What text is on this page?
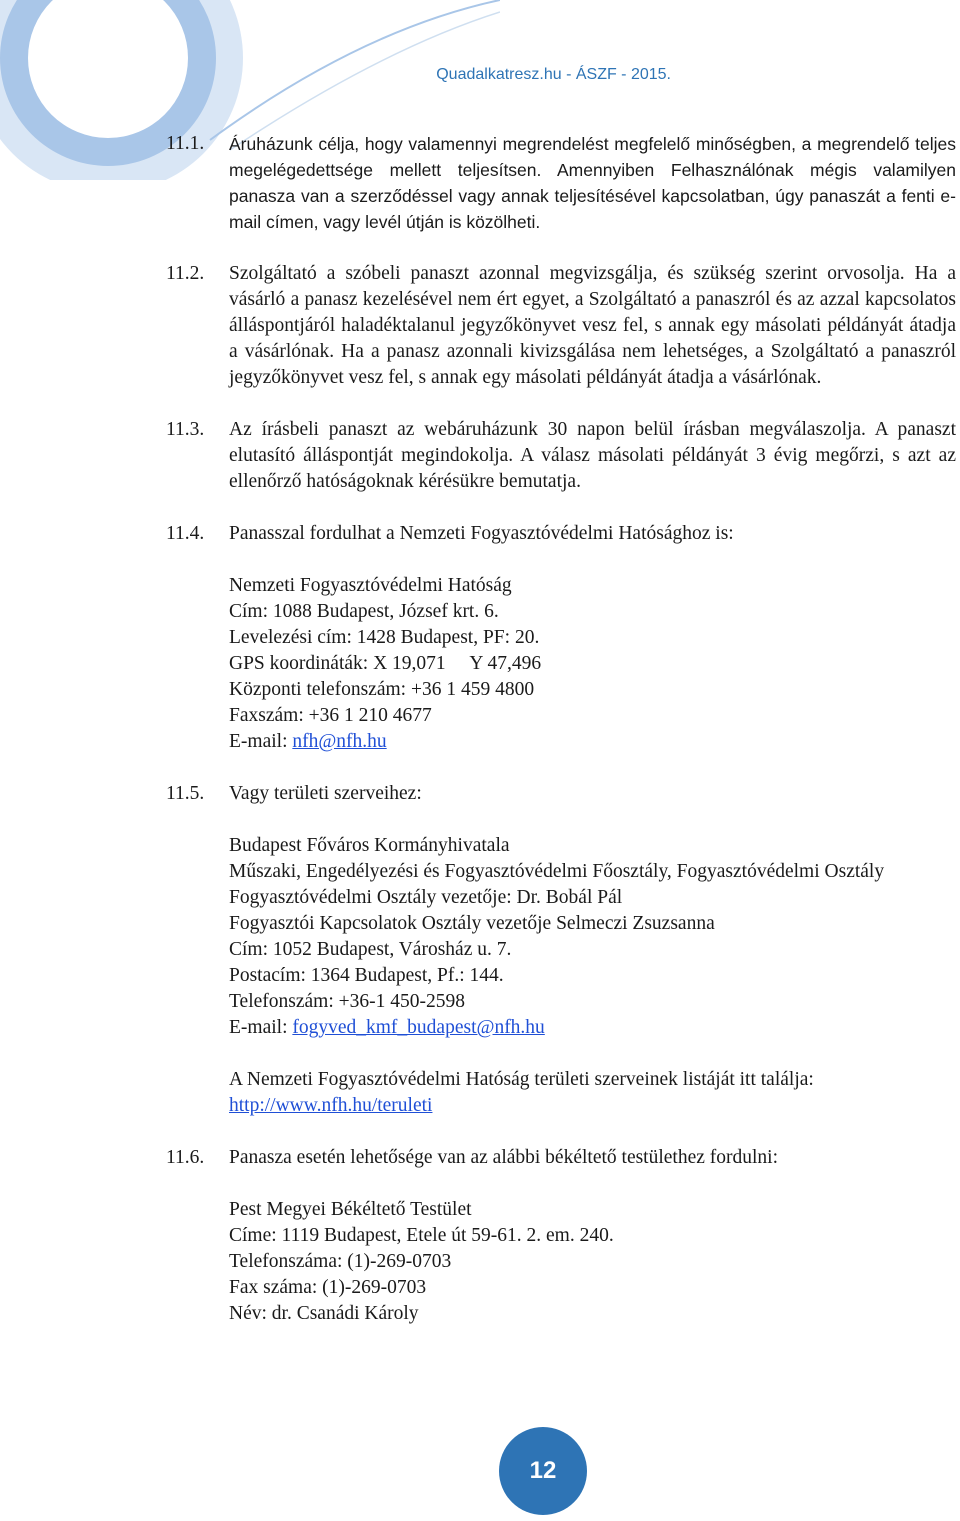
Quadalkatresz.hu - ÁSZF - 2015.
11.1.	Áruházunk célja, hogy valamennyi megrendelést megfelelő minőségben, a megrendelő teljes megelégedettsége mellett teljesítsen. Amennyiben Felhasználónak mégis valamilyen panasza van a szerződéssel vagy annak teljesítésével kapcsolatban, úgy panaszát a fenti e-mail címen, vagy levél útján is közölheti.
11.2.	Szolgáltató a szóbeli panaszt azonnal megvizsgálja, és szükség szerint orvosolja. Ha a vásárló a panasz kezelésével nem ért egyet, a Szolgáltató a panaszról és az azzal kapcsolatos álláspontjáról haladéktalanul jegyzőkönyvet vesz fel, s annak egy másolati példányát átadja a vásárlónak. Ha a panasz azonnali kivizsgálása nem lehetséges, a Szolgáltató a panaszról jegyzőkönyvet vesz fel, s annak egy másolati példányát átadja a vásárlónak.
11.3.	Az írásbeli panaszt az webáruházunk 30 napon belül írásban megválaszolja. A panaszt elutasító álláspontját megindokolja. A válasz másolati példányát 3 évig megőrzi, s azt az ellenőrző hatóságoknak kérésükre bemutatja.
11.4.	Panasszal fordulhat a Nemzeti Fogyasztóvédelmi Hatósághoz is:
Nemzeti Fogyasztóvédelmi Hatóság
Cím: 1088 Budapest, József krt. 6.
Levelezési cím: 1428 Budapest, PF: 20.
GPS koordináták: X 19,071     Y 47,496
Központi telefonszám: +36 1 459 4800
Faxszám: +36 1 210 4677
E-mail: nfh@nfh.hu
11.5.	Vagy területi szerveihez:
Budapest Főváros Kormányhivatala
Műszaki, Engedélyezési és Fogyasztóvédelmi Főosztály, Fogyasztóvédelmi Osztály
Fogyasztóvédelmi Osztály vezetője: Dr. Bobál Pál
Fogyasztói Kapcsolatok Osztály vezetője Selmeczi Zsuzsanna
Cím: 1052 Budapest, Városház u. 7.
Postacím: 1364 Budapest, Pf.: 144.
Telefonszám: +36-1 450-2598
E-mail: fogyved_kmf_budapest@nfh.hu
A Nemzeti Fogyasztóvédelmi Hatóság területi szerveinek listáját itt találja:
http://www.nfh.hu/teruleti
11.6.	Panasza esetén lehetősége van az alábbi békéltető testülethez fordulni:
Pest Megyei Békéltető Testület
Címe: 1119 Budapest, Etele út 59-61. 2. em. 240.
Telefonszáma: (1)-269-0703
Fax száma: (1)-269-0703
Név: dr. Csanádi Károly
12
